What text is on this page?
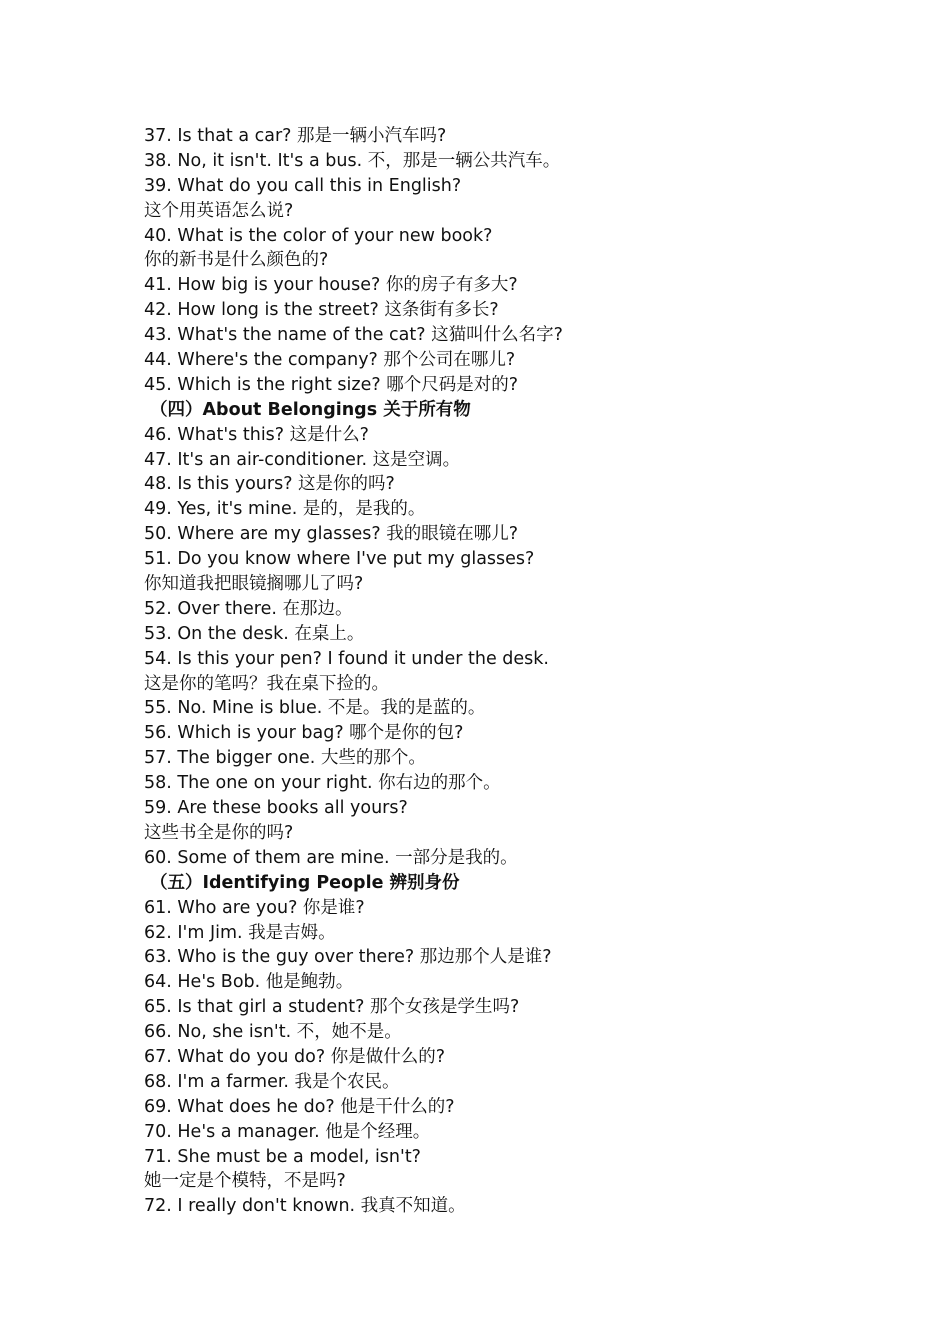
37. Is that a car? 那是一辆小汽车吗?
38. No, it isn't. It's a bus. 不，那是一辆公共汽车。
39. What do you call this in English?
这个用英语怎么说?
40. What is the color of your new book?
你的新书是什么颜色的?
41. How big is your house? 你的房子有多大?
42. How long is the street? 这条街有多长?
43. What's the name of the cat? 这猫叫什么名字?
44. Where's the company? 那个公司在哪儿?
45. Which is the right size? 哪个尺码是对的?
（四）About Belongings 关于所有物
46. What's this? 这是什么?
47. It's an air-conditioner. 这是空调。
48. Is this yours? 这是你的吗?
49. Yes, it's mine. 是的，是我的。
50. Where are my glasses? 我的眼镜在哪儿?
51. Do you know where I've put my glasses?
你知道我把眼镜搁哪儿了吗?
52. Over there. 在那边。
53. On the desk. 在桌上。
54. Is this your pen? I found it under the desk.
这是你的笔吗？我在桌下捡的。
55. No. Mine is blue. 不是。我的是蓝的。
56. Which is your bag? 哪个是你的包?
57. The bigger one. 大些的那个。
58. The one on your right. 你右边的那个。
59. Are these books all yours?
这些书全是你的吗?
60. Some of them are mine. 一部分是我的。
（五）Identifying People 辨别身份
61. Who are you? 你是谁?
62. I'm Jim. 我是吉姆。
63. Who is the guy over there? 那边那个人是谁?
64. He's Bob. 他是鲍勃。
65. Is that girl a student? 那个女孩是学生吗?
66. No, she isn't. 不，她不是。
67. What do you do? 你是做什么的?
68. I'm a farmer. 我是个农民。
69. What does he do? 他是干什么的?
70. He's a manager. 他是个经理。
71. She must be a model, isn't?
她一定是个模特，不是吗?
72. I really don't known. 我真不知道。
